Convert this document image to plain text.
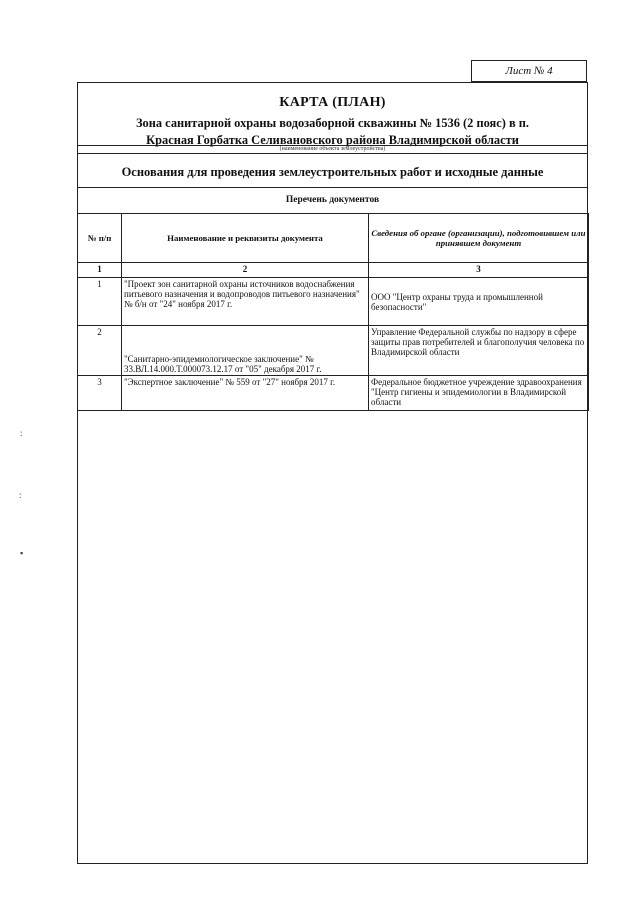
Лист № 4
КАРТА (ПЛАН)
Зона санитарной охраны водозаборной скважины № 1536 (2 пояс) в п.
Красная Горбатка Селивановского района Владимирской области
(наименование объекта землеустройства)
Основания для проведения землеустроительных работ и исходные данные
Перечень документов
№ п/п	Наименование и реквизиты документа	Сведения об органе (организации), подготовившем или принявшем документ
1	2	3
1	"Проект зон санитарной охраны источников водоснабжения питьевого назначения и водопроводов питьевого назначения" № б/н от "24" ноября 2017 г.	ООО "Центр охраны труда и промышленной безопасности"
2	"Санитарно-эпидемиологическое заключение" № 33.ВЛ.14.000.Т.000073.12.17 от "05" декабря 2017 г.	Управление Федеральной службы по надзору в сфере защиты прав потребителей и благополучия человека по Владимирской области
3	"Экспертное заключение" № 559 от "27" ноября 2017 г.	Федеральное бюджетное учреждение здравоохранения "Центр гигиены и эпидемиологии в Владимирской области
:
:
▪
